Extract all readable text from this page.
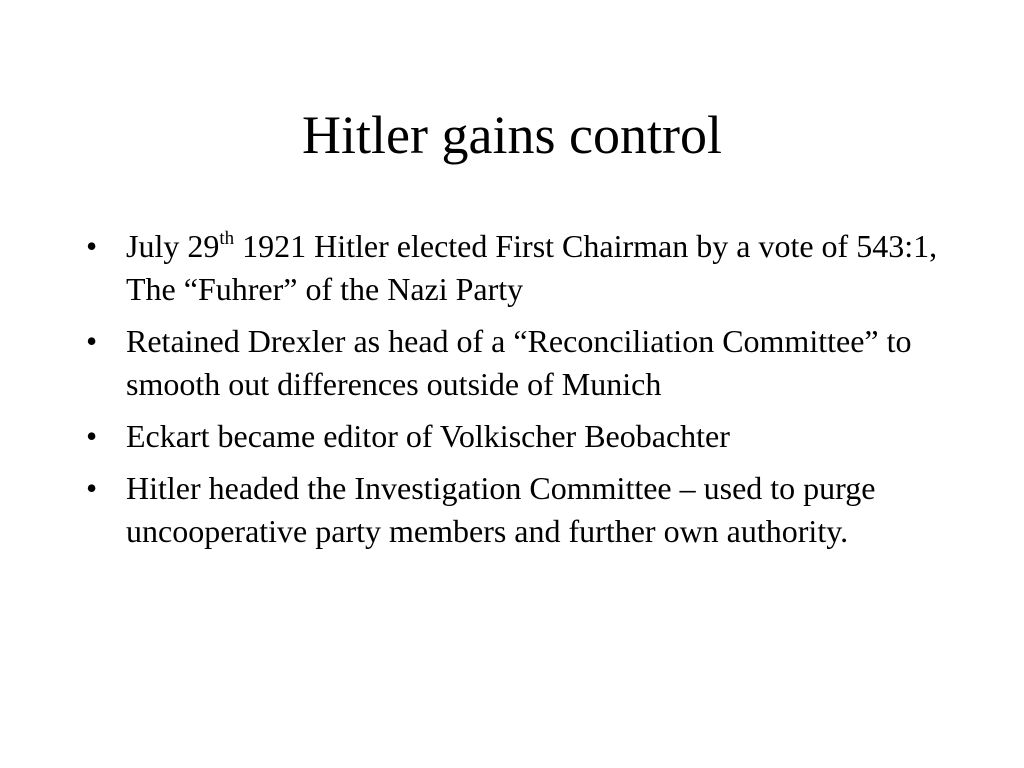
Hitler gains control
• July 29th 1921 Hitler elected First Chairman by a vote of 543:1, The “Fuhrer” of the Nazi Party
• Retained Drexler as head of a “Reconciliation Committee” to smooth out differences outside of Munich
• Eckart became editor of Volkischer Beobachter
• Hitler headed the Investigation Committee – used to purge uncooperative party members and further own authority.
